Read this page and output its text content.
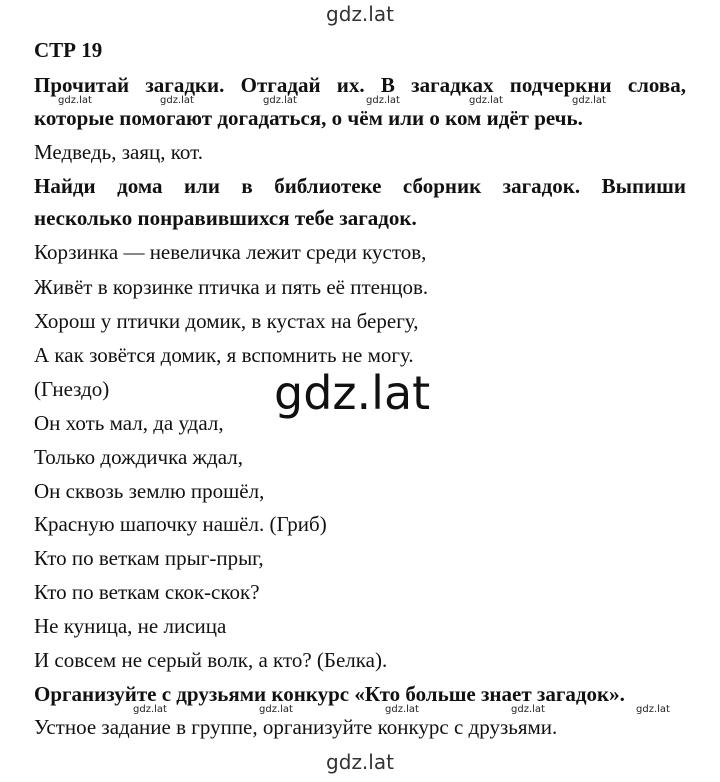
gdz.lat
СТР 19
Прочитай загадки. Отгадай их. В загадках подчеркни слова,
gdz.lat	gdz.lat	gdz.lat	gdz.lat	gdz.lat	gdz.lat
которые помогают догадаться, о чём или о ком идёт речь.
Медведь, заяц, кот.
Найди дома или в библиотеке сборник загадок. Выпиши
несколько понравившихся тебе загадок.
Корзинка — невеличка лежит среди кустов,
Живёт в корзинке птичка и пять её птенцов.
Хорош у птички домик, в кустах на берегу,
А как зовётся домик, я вспомнить не могу.
(Гнездо)
Он хоть мал, да удал,
Только дождичка ждал,
Он сквозь землю прошёл,
Красную шапочку нашёл. (Гриб)
Кто по веткам прыг-прыг,
Кто по веткам скок-скок?
Не куница, не лисица
И совсем не серый волк, а кто? (Белка).
gdz.lat
Организуйте с друзьями конкурс «Кто больше знает загадок».
gdz.lat	gdz.lat	gdz.lat	gdz.lat	gdz.lat
Устное задание в группе, организуйте конкурс с друзьями.
gdz.lat
